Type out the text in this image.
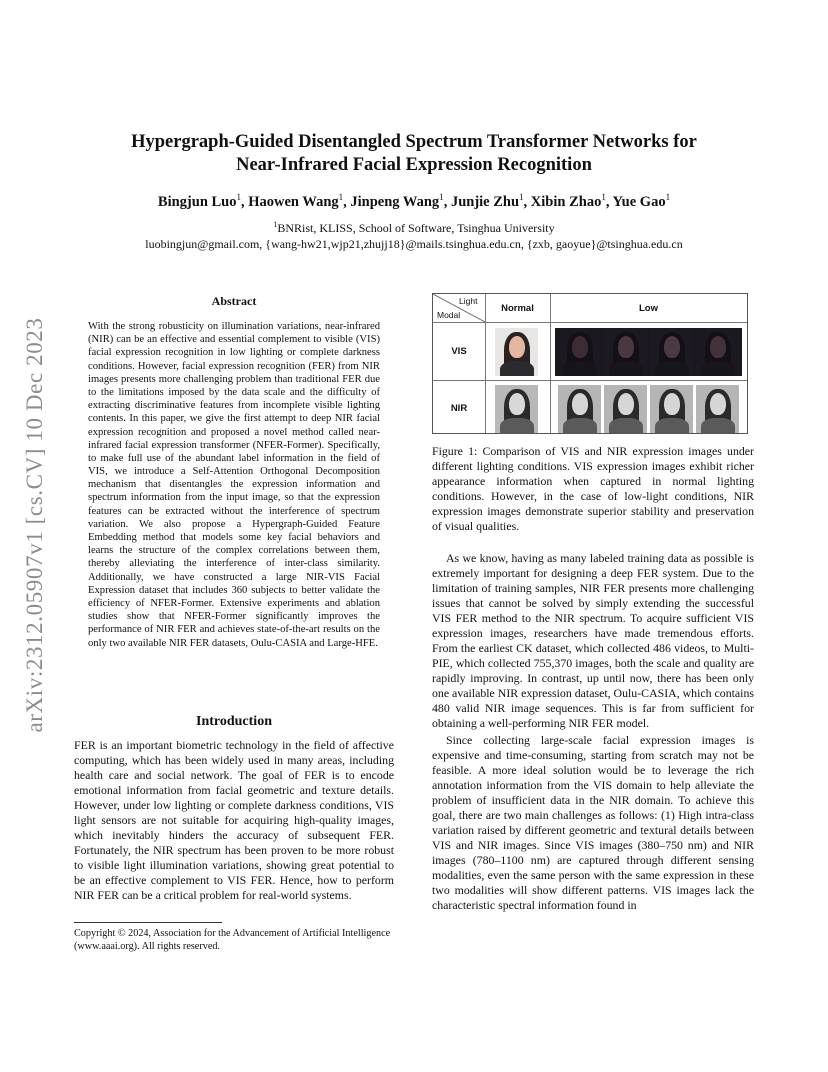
arXiv:2312.05907v1 [cs.CV] 10 Dec 2023
Hypergraph-Guided Disentangled Spectrum Transformer Networks for
Near-Infrared Facial Expression Recognition
Bingjun Luo$^1$, Haowen Wang$^1$, Jinpeng Wang$^1$, Junjie Zhu$^1$, Xibin Zhao$^1$, Yue Gao$^1$
$^1$BNRist, KLISS, School of Software, Tsinghua University
luobingjun@gmail.com, {wang-hw21,wjp21,zhujj18}@mails.tsinghua.edu.cn, {zxb, gaoyue}@tsinghua.edu.cn
Abstract
With the strong robusticity on illumination variations, near-infrared (NIR) can be an effective and essential complement to visible (VIS) facial expression recognition in low lighting or complete darkness conditions. However, facial expression recognition (FER) from NIR images presents more challenging problem than traditional FER due to the limitations imposed by the data scale and the difficulty of extracting discriminative features from incomplete visible lighting contents. In this paper, we give the first attempt to deep NIR facial expression recognition and proposed a novel method called near-infrared facial expression transformer (NFER-Former). Specifically, to make full use of the abundant label information in the field of VIS, we introduce a Self-Attention Orthogonal Decomposition mechanism that disentangles the expression information and spectrum information from the input image, so that the expression features can be extracted without the interference of spectrum variation. We also propose a Hypergraph-Guided Feature Embedding method that models some key facial behaviors and learns the structure of the complex correlations between them, thereby alleviating the interference of inter-class similarity. Additionally, we have constructed a large NIR-VIS Facial Expression dataset that includes 360 subjects to better validate the efficiency of NFER-Former. Extensive experiments and ablation studies show that NFER-Former significantly improves the performance of NIR FER and achieves state-of-the-art results on the only two available NIR FER datasets, Oulu-CASIA and Large-HFE.
Introduction
FER is an important biometric technology in the field of affective computing, which has been widely used in many areas, including health care and social network. The goal of FER is to encode emotional information from facial geometric and texture details. However, under low lighting or complete darkness conditions, VIS light sensors are not suitable for acquiring high-quality images, which inevitably hinders the accuracy of subsequent FER. Fortunately, the NIR spectrum has been proven to be more robust to visible light illumination variations, showing great potential to be an effective complement to VIS FER. Hence, how to perform NIR FER can be a critical problem for real-world systems.
Copyright © 2024, Association for the Advancement of Artificial Intelligence (www.aaai.org). All rights reserved.
Light
Modal
Normal	Low
VIS
NIR
Figure 1: Comparison of VIS and NIR expression images under different lighting conditions. VIS expression images exhibit richer appearance information when captured in normal lighting conditions. However, in the case of low-light conditions, NIR expression images demonstrate superior stability and preservation of visual qualities.

As we know, having as many labeled training data as possible is extremely important for designing a deep FER system. Due to the limitation of training samples, NIR FER presents more challenging issues that cannot be solved by simply extending the successful VIS FER method to the NIR spectrum. To acquire sufficient VIS expression images, researchers have made tremendous efforts. From the earliest CK dataset, which collected 486 videos, to Multi-PIE, which collected 755,370 images, both the scale and quality are rapidly improving. In contrast, up until now, there has been only one available NIR expression dataset, Oulu-CASIA, which contains 480 valid NIR image sequences. This is far from sufficient for obtaining a well-performing NIR FER model.

Since collecting large-scale facial expression images is expensive and time-consuming, starting from scratch may not be feasible. A more ideal solution would be to leverage the rich annotation information from the VIS domain to help alleviate the problem of insufficient data in the NIR domain. To achieve this goal, there are two main challenges as follows: (1) High intra-class variation raised by different geometric and textural details between VIS and NIR images. Since VIS images (380–750 nm) and NIR images (780–1100 nm) are captured through different sensing modalities, even the same person with the same expression in these two modalities will show different patterns. VIS images lack the characteristic spectral information found in
